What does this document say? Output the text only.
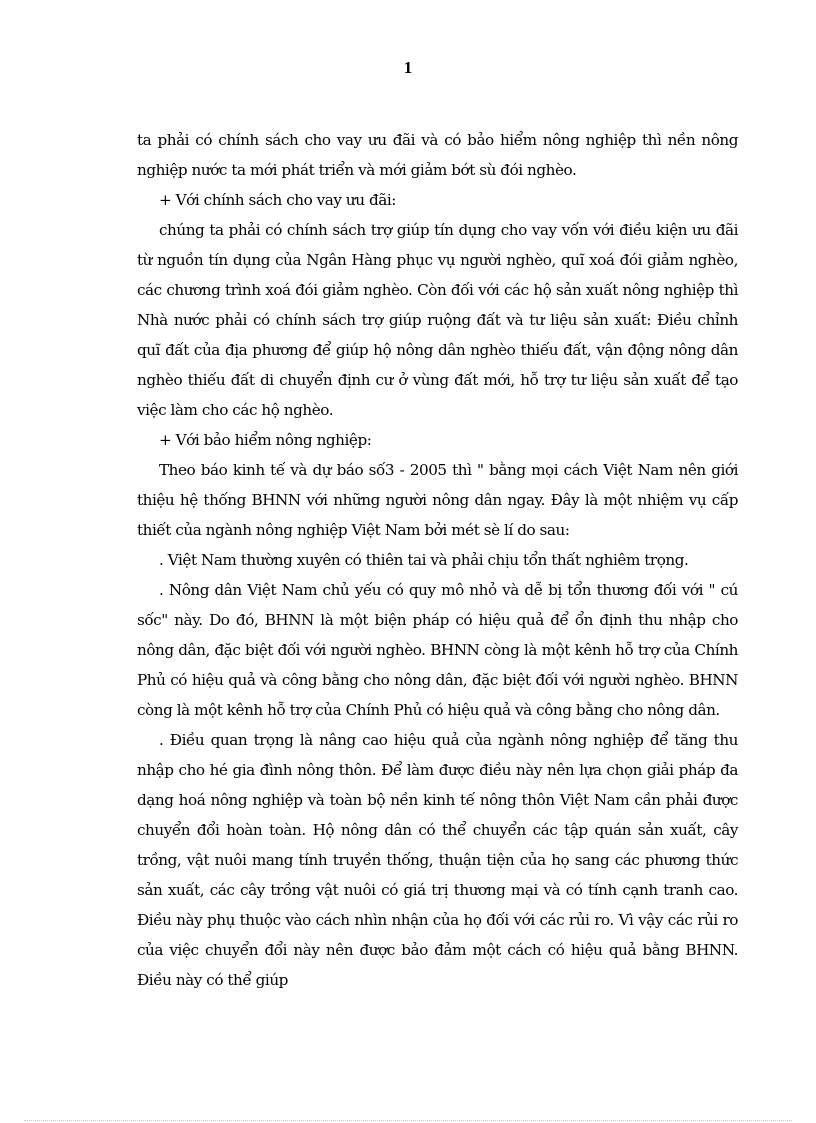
1

ta phải có chính sách cho vay ưu đãi và có bảo hiểm nông nghiệp thì nền nông nghiệp nước ta mới phát triển và mới giảm bớt sù đói nghèo.

+ Với chính sách cho vay ưu đãi:

chúng ta phải có chính sách trợ giúp tín dụng cho vay vốn với điều kiện ưu đãi từ nguồn tín dụng của Ngân Hàng phục vụ người nghèo, quĩ xoá đói giảm nghèo, các chương trình xoá đói giảm nghèo. Còn đối với các hộ sản xuất nông nghiệp thì Nhà nước phải có chính sách trợ giúp ruộng đất và tư liệu sản xuất: Điều chỉnh quĩ đất của địa phương để giúp hộ nông dân nghèo thiếu đất, vận động nông dân nghèo thiếu đất di chuyển định cư ở vùng đất mới, hỗ trợ tư liệu sản xuất để tạo việc làm cho các hộ nghèo.

+ Với bảo hiểm nông nghiệp:

Theo báo kinh tế và dự báo số3 - 2005 thì " bằng mọi cách Việt Nam nên giới thiệu hệ thống BHNN với những người nông dân ngay. Đây là một nhiệm vụ cấp thiết của ngành nông nghiệp Việt Nam bởi mét sè lí do sau:

. Việt Nam thường xuyên có thiên tai và phải chịu tổn thất nghiêm trọng.

. Nông dân Việt Nam chủ yếu có quy mô nhỏ và dễ bị tổn thương đối với " cú sốc" này. Do đó, BHNN là một biện pháp có hiệu quả để ổn định thu nhập cho nông dân, đặc biệt đối với người nghèo. BHNN còng là một kênh hỗ trợ của Chính Phủ có hiệu quả và công bằng cho nông dân, đặc biệt đối với người nghèo. BHNN còng là một kênh hỗ trợ của Chính Phủ có hiệu quả và công bằng cho nông dân.

. Điều quan trọng là nâng cao hiệu quả của ngành nông nghiệp để tăng thu nhập cho hé gia đình nông thôn. Để làm được điều này nên lựa chọn giải pháp đa dạng hoá nông nghiệp và toàn bộ nền kinh tế nông thôn Việt Nam cần phải được chuyển đổi hoàn toàn. Hộ nông dân có thể chuyển các tập quán sản xuất, cây trồng, vật nuôi mang tính truyền thống, thuận tiện của họ sang các phương thức sản xuất, các cây trồng vật nuôi có giá trị thương mại và có tính cạnh tranh cao. Điều này phụ thuộc vào cách nhìn nhận của họ đối với các rủi ro. Vì vậy các rủi ro của việc chuyển đổi này nên được bảo đảm một cách có hiệu quả bằng BHNN. Điều này có thể giúp
